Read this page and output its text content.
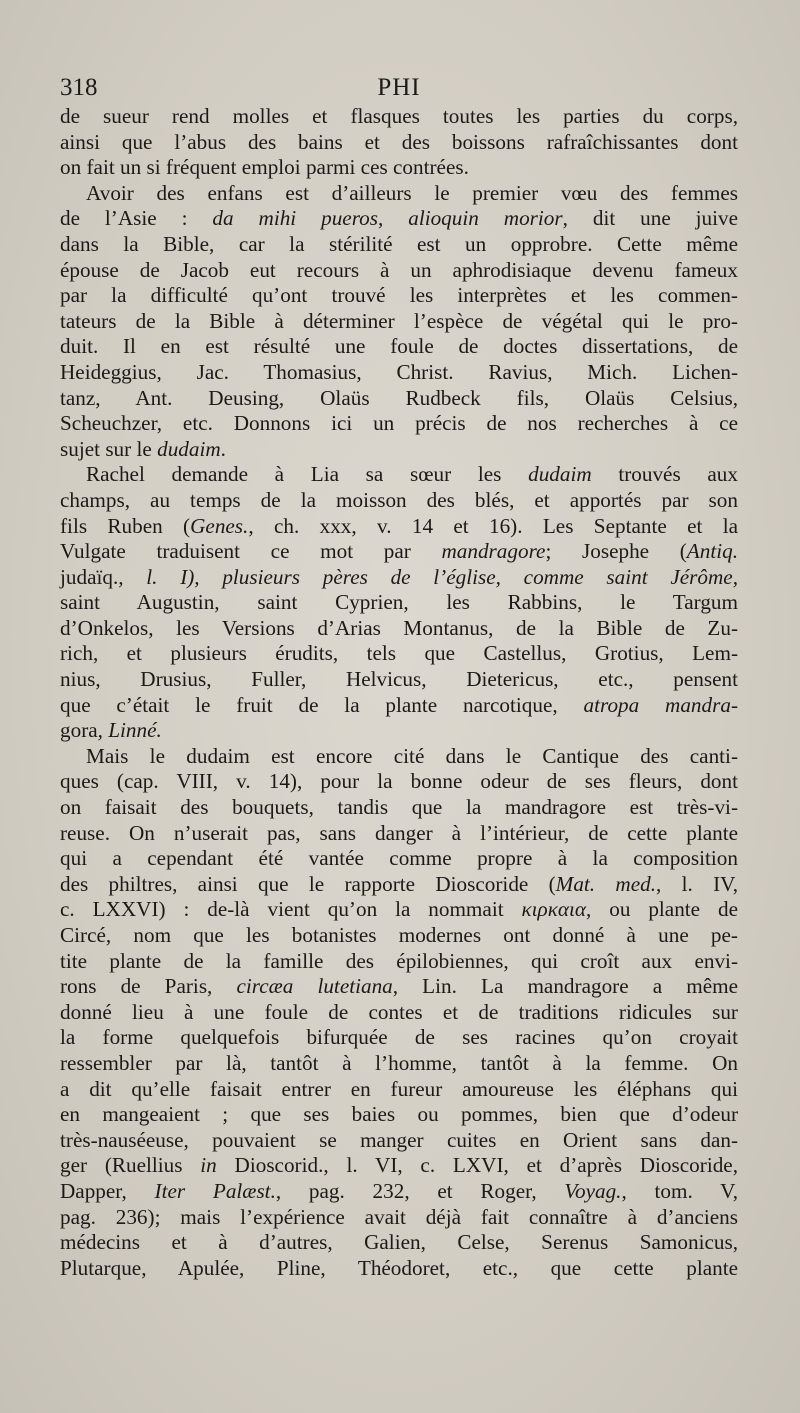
318	PHI
de sueur rend molles et flasques toutes les parties du corps,
ainsi que l’abus des bains et des boissons rafraîchissantes dont
on fait un si fréquent emploi parmi ces contrées.
Avoir des enfans est d’ailleurs le premier vœu des femmes
de l’Asie : da mihi pueros, alioquin morior, dit une juive
dans la Bible, car la stérilité est un opprobre. Cette même
épouse de Jacob eut recours à un aphrodisiaque devenu fameux
par la difficulté qu’ont trouvé les interprètes et les commen-
tateurs de la Bible à déterminer l’espèce de végétal qui le pro-
duit. Il en est résulté une foule de doctes dissertations, de
Heideggius, Jac. Thomasius, Christ. Ravius, Mich. Lichen-
tanz, Ant. Deusing, Olaüs Rudbeck fils, Olaüs Celsius,
Scheuchzer, etc. Donnons ici un précis de nos recherches à ce
sujet sur le dudaim.
Rachel demande à Lia sa sœur les dudaim trouvés aux
champs, au temps de la moisson des blés, et apportés par son
fils Ruben (Genes., ch. xxx, v. 14 et 16). Les Septante et la
Vulgate traduisent ce mot par mandragore; Josephe (Antiq.
judaïq., l. I), plusieurs pères de l’église, comme saint Jérôme,
saint Augustin, saint Cyprien, les Rabbins, le Targum
d’Onkelos, les Versions d’Arias Montanus, de la Bible de Zu-
rich, et plusieurs érudits, tels que Castellus, Grotius, Lem-
nius, Drusius, Fuller, Helvicus, Dietericus, etc., pensent
que c’était le fruit de la plante narcotique, atropa mandra-
gora, Linné.
Mais le dudaim est encore cité dans le Cantique des canti-
ques (cap. VIII, v. 14), pour la bonne odeur de ses fleurs, dont
on faisait des bouquets, tandis que la mandragore est très-vi-
reuse. On n’userait pas, sans danger à l’intérieur, de cette plante
qui a cependant été vantée comme propre à la composition
des philtres, ainsi que le rapporte Dioscoride (Mat. med., l. IV,
c. LXXVI) : de-là vient qu’on la nommait κιρκαια, ou plante de
Circé, nom que les botanistes modernes ont donné à une pe-
tite plante de la famille des épilobiennes, qui croît aux envi-
rons de Paris, circæa lutetiana, Lin. La mandragore a même
donné lieu à une foule de contes et de traditions ridicules sur
la forme quelquefois bifurquée de ses racines qu’on croyait
ressembler par là, tantôt à l’homme, tantôt à la femme. On
a dit qu’elle faisait entrer en fureur amoureuse les éléphans qui
en mangeaient ; que ses baies ou pommes, bien que d’odeur
très-nauséeuse, pouvaient se manger cuites en Orient sans dan-
ger (Ruellius in Dioscorid., l. VI, c. LXVI, et d’après Dioscoride,
Dapper, Iter Palæst., pag. 232, et Roger, Voyag., tom. V,
pag. 236); mais l’expérience avait déjà fait connaître à d’anciens
médecins et à d’autres, Galien, Celse, Serenus Samonicus,
Plutarque, Apulée, Pline, Théodoret, etc., que cette plante
